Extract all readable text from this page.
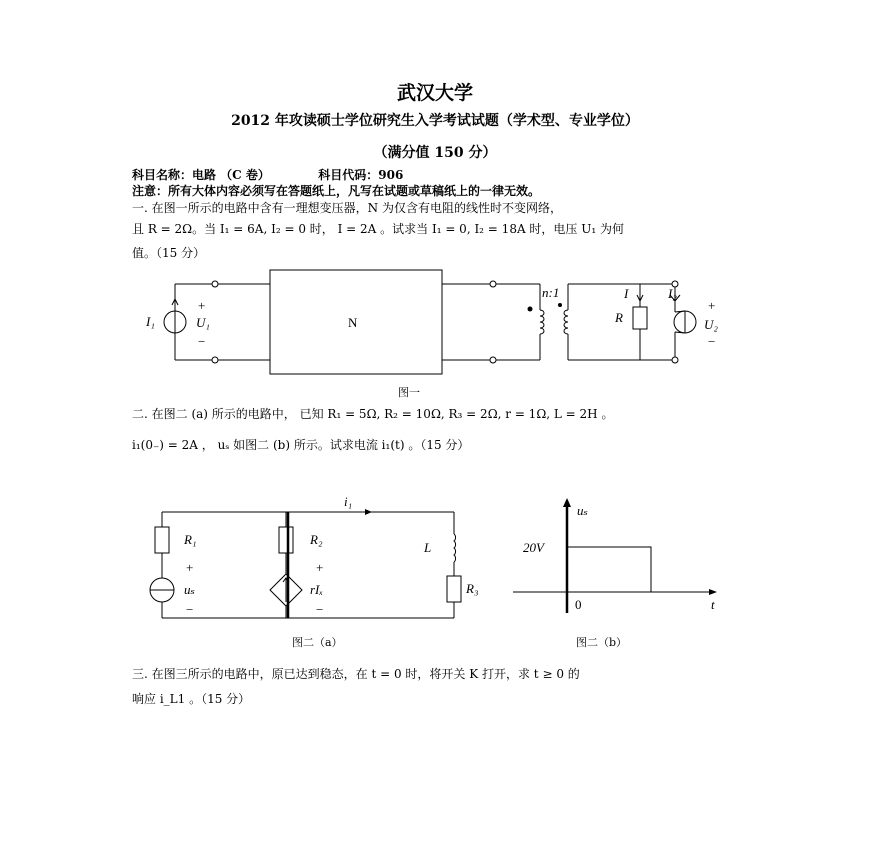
武汉大学
2012 年攻读硕士学位研究生入学考试试题（学术型、专业学位）
（满分值 150 分）
科目名称：电路 （C 卷）	科目代码：906
注意：所有大体内容必须写在答题纸上，凡写在试题或草稿纸上的一律无效。
一. 在图一所示的电路中含有一理想变压器，N 为仅含有电阻的线性时不变网络，
且 R = 2Ω。当 I₁ = 6A, I₂ = 0 时， I = 2A 。试求当 I₁ = 0, I₂ = 18A 时，电压 U₁ 为何
值。（15 分）
I₁
+
U₁
−
N
n:1	I
R
I₂
+
U₂
−
图一
二. 在图二 (a) 所示的电路中， 已知 R₁ = 5Ω, R₂ = 10Ω, R₃ = 2Ω, r = 1Ω, L = 2H 。
i₁(0₋) = 2A ， uₛ 如图二 (b) 所示。试求电流 i₁(t) 。（15 分）
i₁
R₁
+
uₛ
−
R₂
+
rIₓ
−
L
R₃
图二（a）
uₛ
20V
0	t
图二（b）
三. 在图三所示的电路中，原已达到稳态，在 t = 0 时，将开关 K 打开，求 t ≥ 0 的
响应 i_L1 。（15 分）
